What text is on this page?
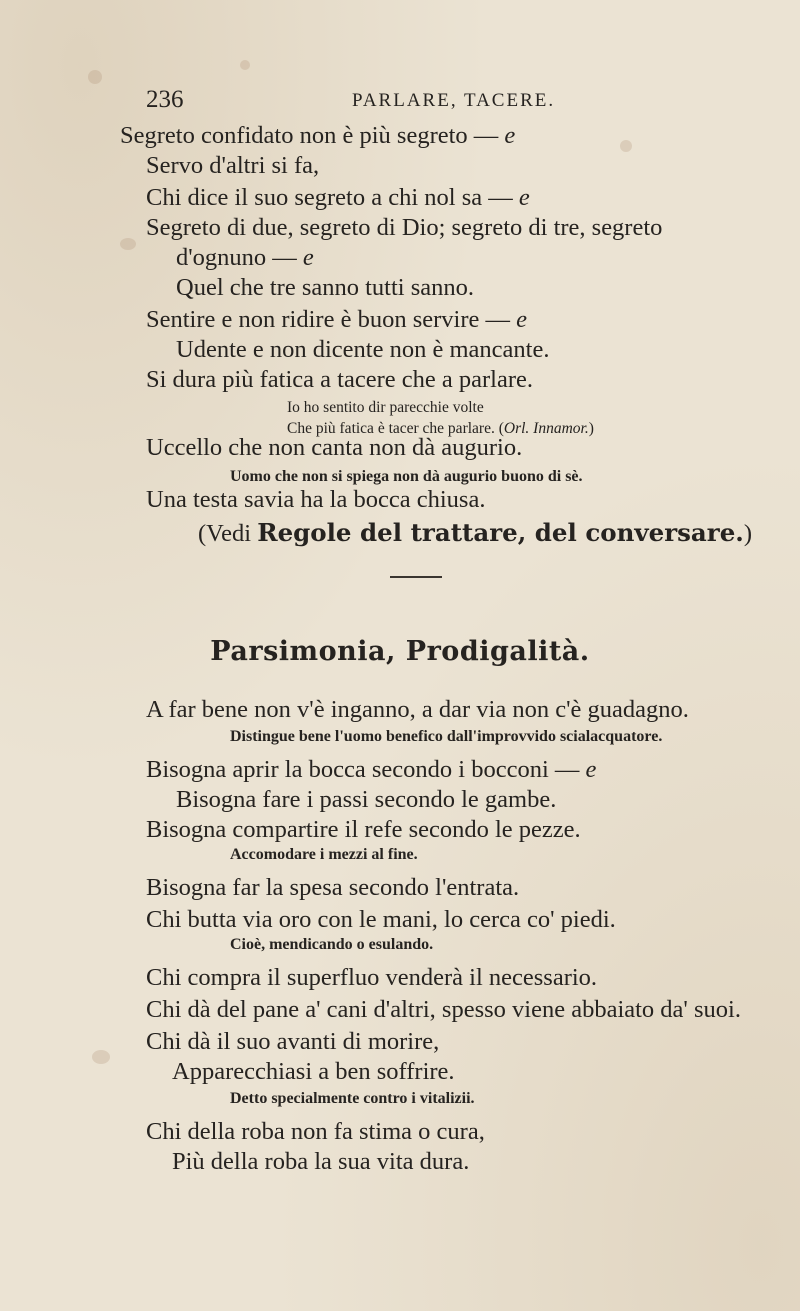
236	PARLARE, TACERE.
Segreto confidato non è più segreto — e
Servo d'altri si fa,
Chi dice il suo segreto a chi nol sa — e
Segreto di due, segreto di Dio; segreto di tre, segreto
d'ognuno — e
Quel che tre sanno tutti sanno.
Sentire e non ridire è buon servire — e
Udente e non dicente non è mancante.
Si dura più fatica a tacere che a parlare.
Io ho sentito dir parecchie volte
Che più fatica è tacer che parlare. (Orl. Innamor.)
Uccello che non canta non dà augurio.
Uomo che non si spiega non dà augurio buono di sè.
Una testa savia ha la bocca chiusa.
(Vedi Regole del trattare, del conversare.)
Parsimonia, Prodigalità.
A far bene non v'è inganno, a dar via non c'è guadagno.
Distingue bene l'uomo benefico dall'improvvido scialacquatore.
Bisogna aprir la bocca secondo i bocconi — e
Bisogna fare i passi secondo le gambe.
Bisogna compartire il refe secondo le pezze.
Accomodare i mezzi al fine.
Bisogna far la spesa secondo l'entrata.
Chi butta via oro con le mani, lo cerca co' piedi.
Cioè, mendicando o esulando.
Chi compra il superfluo venderà il necessario.
Chi dà del pane a' cani d'altri, spesso viene abbaiato da' suoi.
Chi dà il suo avanti di morire,
Apparecchiasi a ben soffrire.
Detto specialmente contro i vitalizii.
Chi della roba non fa stima o cura,
Più della roba la sua vita dura.
